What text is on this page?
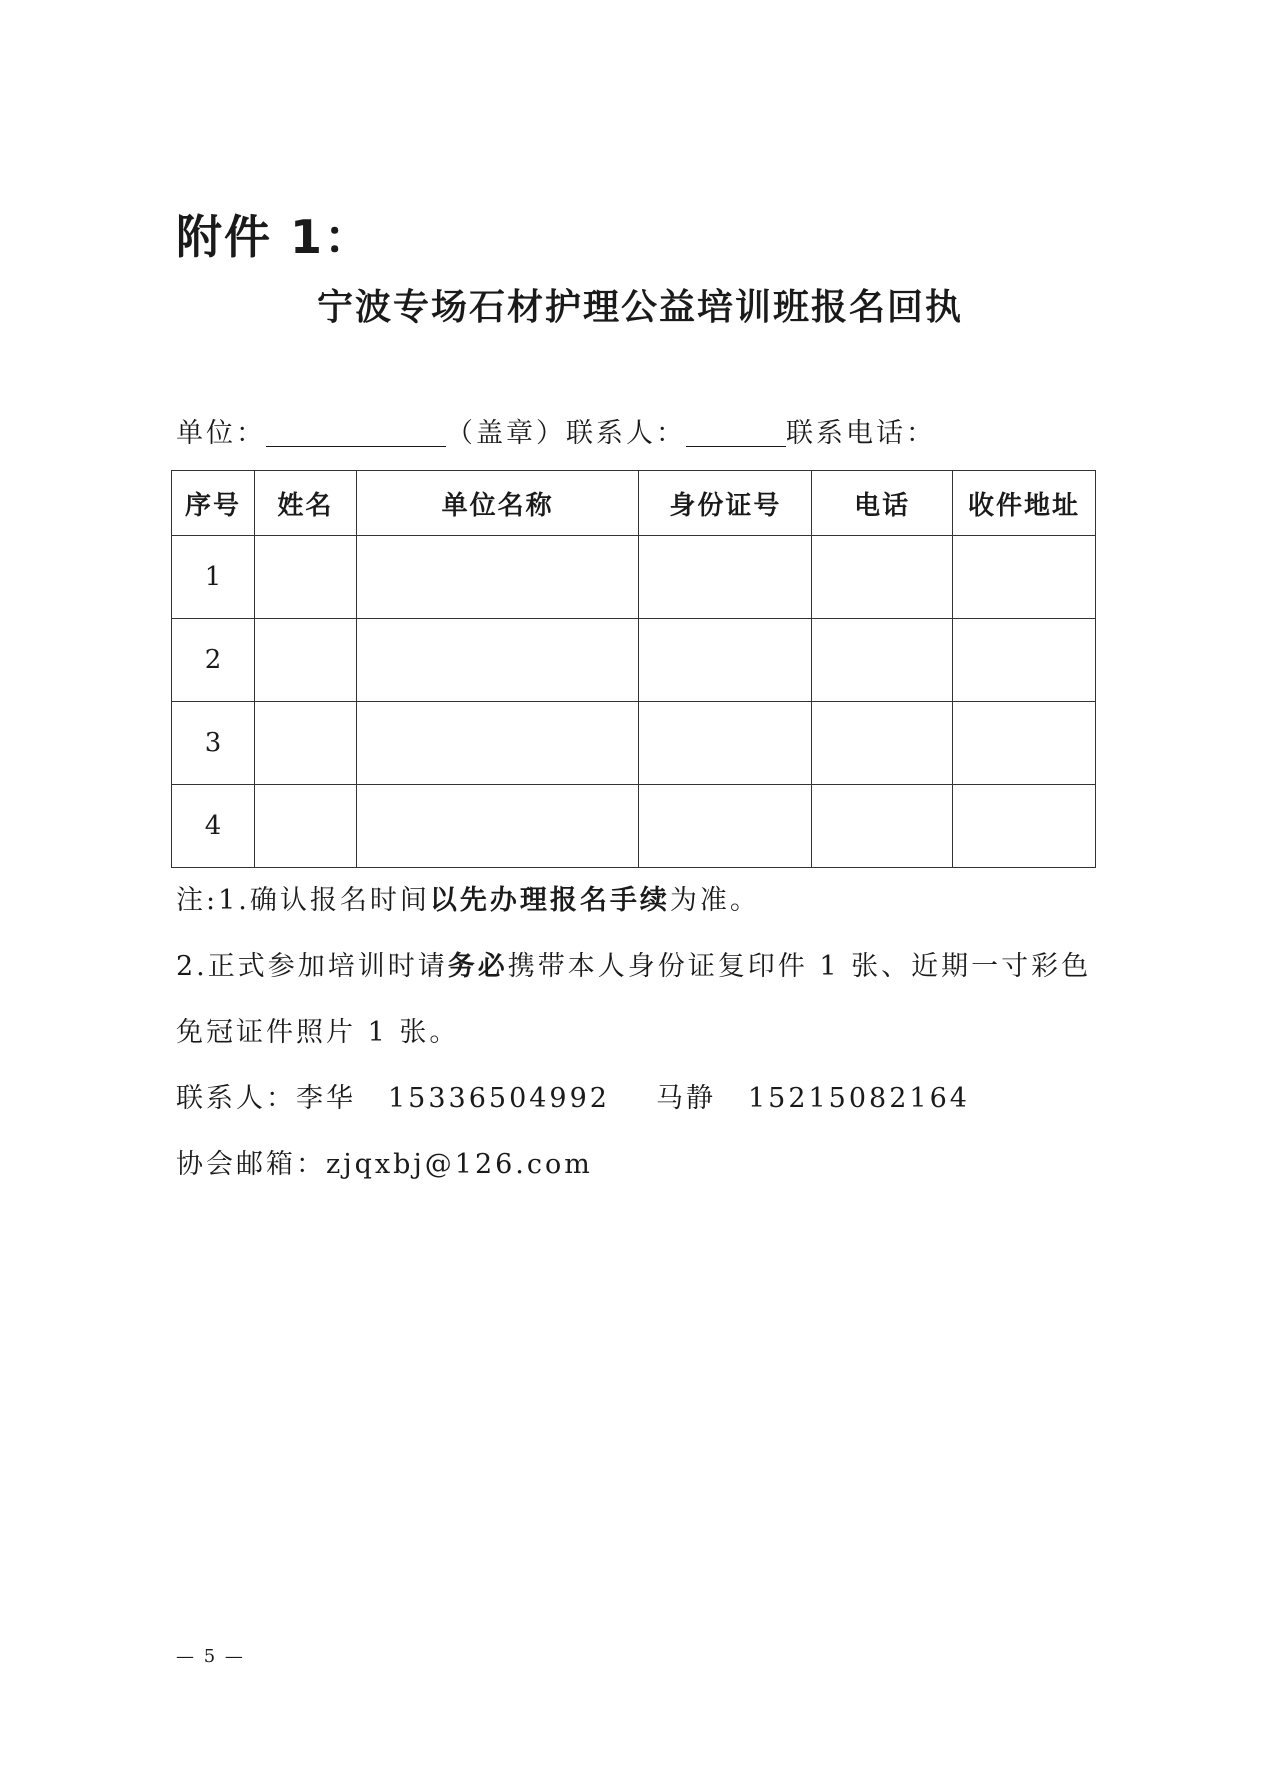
附件 1：
宁波专场石材护理公益培训班报名回执
单位：	（盖章）联系人：	联系电话：
序号	姓名	单位名称	身份证号	电话	收件地址
1					
2					
3					
4					
注:1.确认报名时间以先办理报名手续为准。
2.正式参加培训时请务必携带本人身份证复印件 1 张、近期一寸彩色
免冠证件照片 1 张。
联系人：李华 15336504992 马静 15215082164
协会邮箱：zjqxbj@126.com
— 5 —
